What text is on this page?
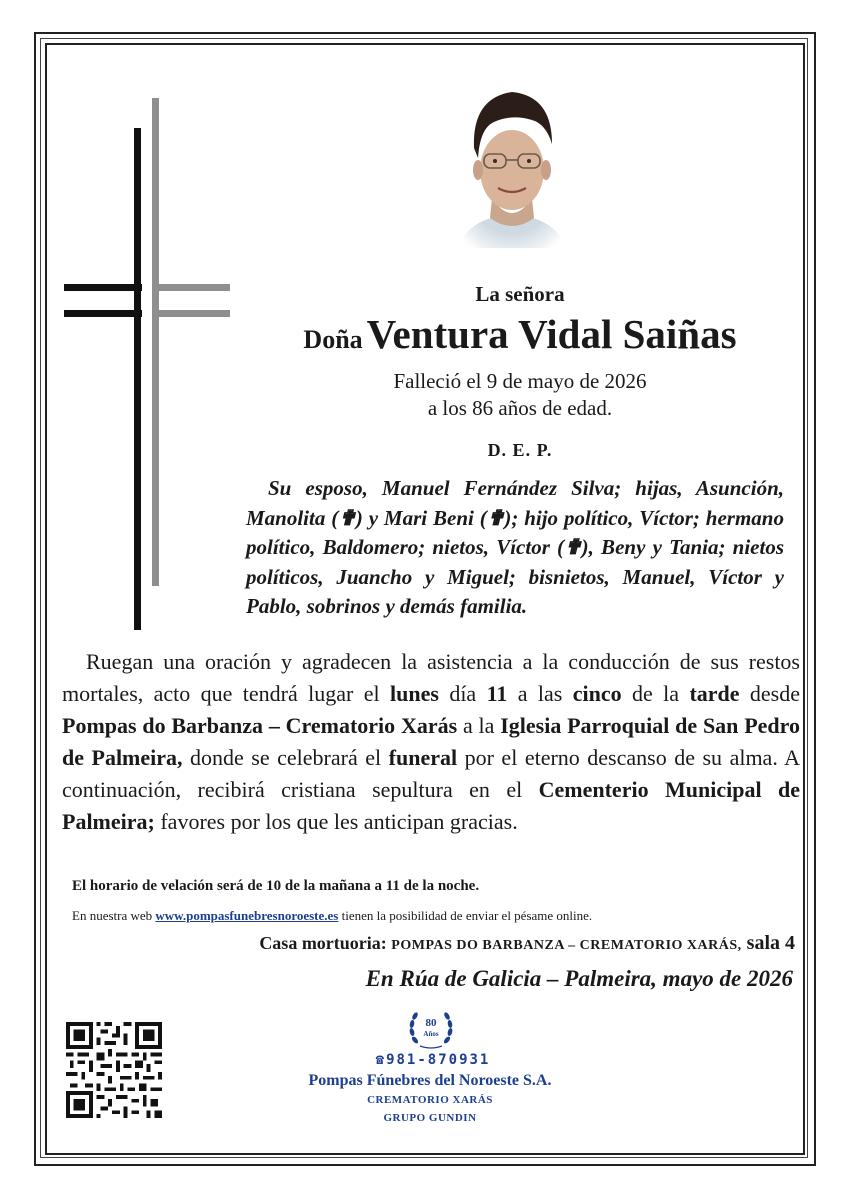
La señora
Doña Ventura Vidal Saiñas
Falleció el 9 de mayo de 2026
a los 86 años de edad.
D. E. P.

Su esposo, Manuel Fernández Silva; hijas, Asunción, Manolita (✟) y Mari Beni (✟); hijo político, Víctor; hermano político, Baldomero; nietos, Víctor (✟), Beny y Tania; nietos políticos, Juancho y Miguel; bisnietos, Manuel, Víctor y Pablo, sobrinos y demás familia.

Ruegan una oración y agradecen la asistencia a la conducción de sus restos mortales, acto que tendrá lugar el lunes día 11 a las cinco de la tarde desde Pompas do Barbanza – Crematorio Xarás a la Iglesia Parroquial de San Pedro de Palmeira, donde se celebrará el funeral por el eterno descanso de su alma. A continuación, recibirá cristiana sepultura en el Cementerio Municipal de Palmeira; favores por los que les anticipan gracias.

El horario de velación será de 10 de la mañana a 11 de la noche.
En nuestra web www.pompasfunebresnoroeste.es tienen la posibilidad de enviar el pésame online.
Casa mortuoria: POMPAS DO BARBANZA – CREMATORIO XARÁS, sala 4
En Rúa de Galicia – Palmeira, mayo de 2026
80
Años
☎981-870931
Pompas Fúnebres del Noroeste S.A.
CREMATORIO XARÁS
GRUPO GUNDIN
